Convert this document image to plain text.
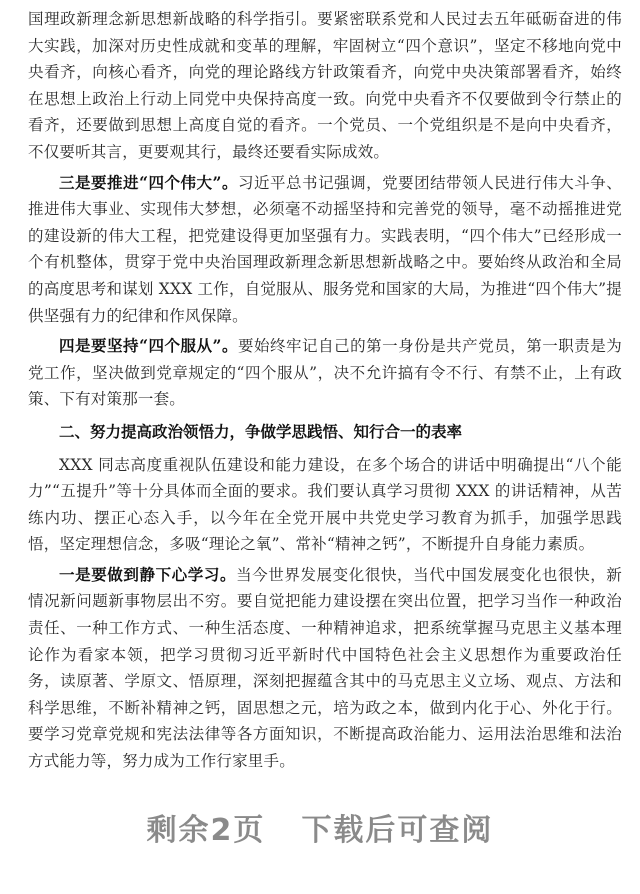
国理政新理念新思想新战略的科学指引。要紧密联系党和人民过去五年砥砺奋进的伟大实践，加深对历史性成就和变革的理解，牢固树立“四个意识”，坚定不移地向党中央看齐，向核心看齐，向党的理论路线方针政策看齐，向党中央决策部署看齐，始终在思想上政治上行动上同党中央保持高度一致。向党中央看齐不仅要做到令行禁止的看齐，还要做到思想上高度自觉的看齐。一个党员、一个党组织是不是向中央看齐，不仅要听其言，更要观其行，最终还要看实际成效。

三是要推进“四个伟大”。习近平总书记强调，党要团结带领人民进行伟大斗争、推进伟大事业、实现伟大梦想，必须毫不动摇坚持和完善党的领导，毫不动摇推进党的建设新的伟大工程，把党建设得更加坚强有力。实践表明，“四个伟大”已经形成一个有机整体，贯穿于党中央治国理政新理念新思想新战略之中。要始终从政治和全局的高度思考和谋划 XXX 工作，自觉服从、服务党和国家的大局，为推进“四个伟大”提供坚强有力的纪律和作风保障。

四是要坚持“四个服从”。要始终牢记自己的第一身份是共产党员，第一职责是为党工作，坚决做到党章规定的“四个服从”，决不允许搞有令不行、有禁不止，上有政策、下有对策那一套。

二、努力提高政治领悟力，争做学思践悟、知行合一的表率

XXX 同志高度重视队伍建设和能力建设，在多个场合的讲话中明确提出“八个能力”“五提升”等十分具体而全面的要求。我们要认真学习贯彻 XXX 的讲话精神，从苦练内功、摆正心态入手，以今年在全党开展中共党史学习教育为抓手，加强学思践悟，坚定理想信念，多吸“理论之氧”、常补“精神之钙”，不断提升自身能力素质。

一是要做到静下心学习。当今世界发展变化很快，当代中国发展变化也很快，新情况新问题新事物层出不穷。要自觉把能力建设摆在突出位置，把学习当作一种政治责任、一种工作方式、一种生活态度、一种精神追求，把系统掌握马克思主义基本理论作为看家本领，把学习贯彻习近平新时代中国特色社会主义思想作为重要政治任务，读原著、学原文、悟原理，深刻把握蕴含其中的马克思主义立场、观点、方法和科学思维，不断补精神之钙，固思想之元，培为政之本，做到内化于心、外化于行。要学习党章党规和宪法法律等各方面知识，不断提高政治能力、运用法治思维和法治方式能力等，努力成为工作行家里手。

剩余2页 下载后可查阅
